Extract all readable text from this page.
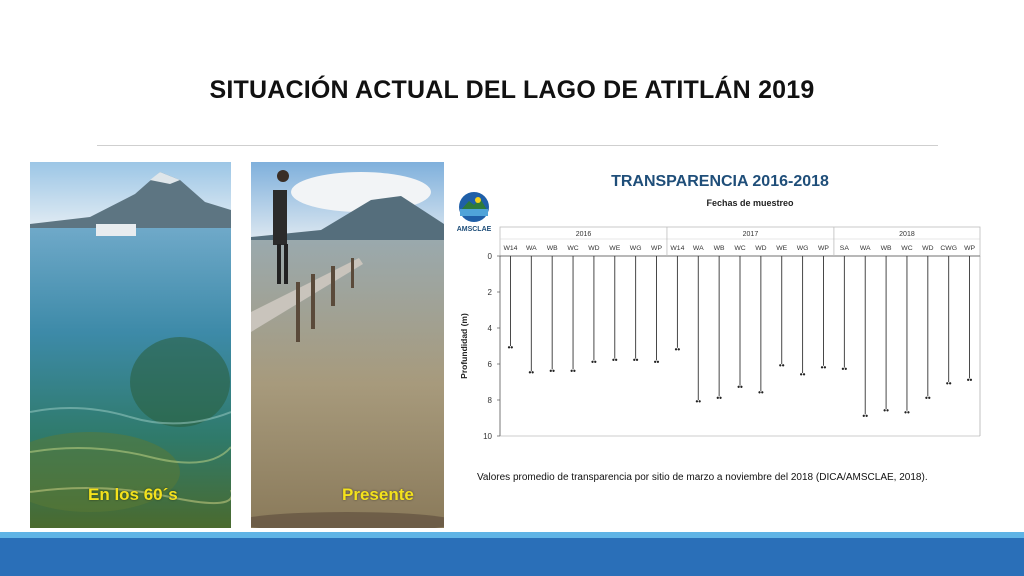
SITUACIÓN ACTUAL DEL LAGO DE ATITLÁN 2019
En los 60´s	Presente
AMSCLAE
TRANSPARENCIA 2016-2018
Fechas de muestreo
0
2
4
6
8
10
Profundidad (m)
2016
W14
••
WA
••
WB
••
WC
••
WD
••
WE
••
WG
••
WP
••
2017
W14
••
WA
••
WB
••
WC
••
WD
••
WE
••
WG
••
WP
••
2018
SA
••
WA
••
WB
••
WC
••
WD
••
CWG
••
WP
••
Valores promedio de transparencia por sitio de marzo a noviembre del 2018 (DICA/AMSCLAE, 2018).
